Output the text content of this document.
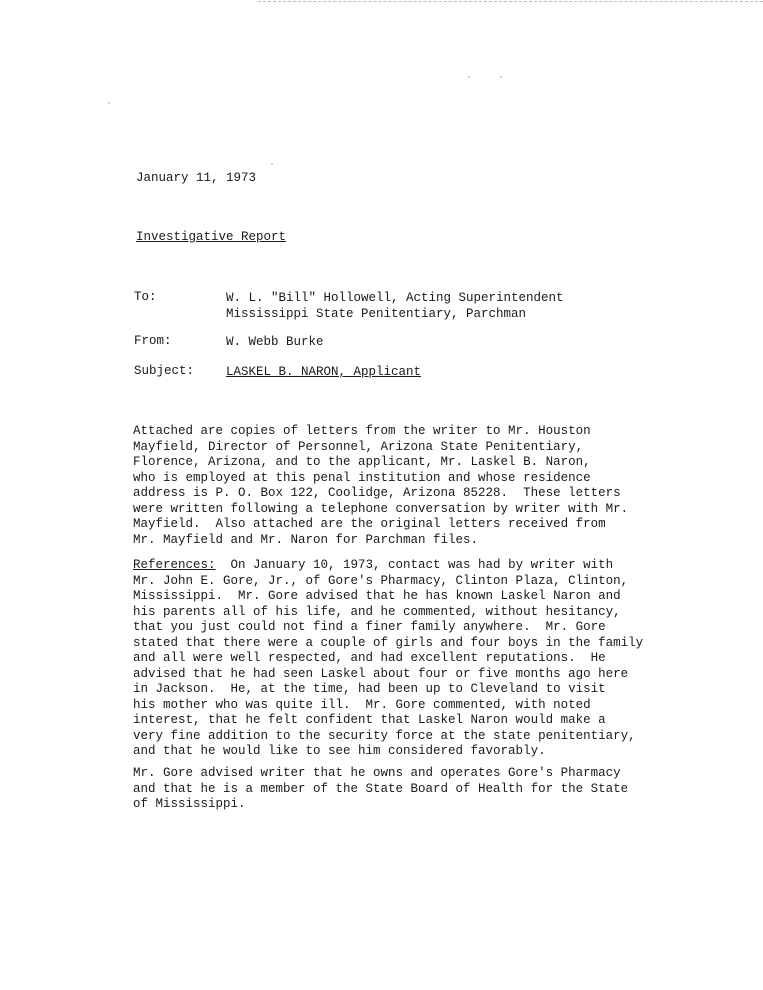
January 11, 1973
Investigative Report
To:	W. L. "Bill" Hollowell, Acting Superintendent
Mississippi State Penitentiary, Parchman
From:	W. Webb Burke
Subject:	LASKEL B. NARON, Applicant
Attached are copies of letters from the writer to Mr. Houston
Mayfield, Director of Personnel, Arizona State Penitentiary,
Florence, Arizona, and to the applicant, Mr. Laskel B. Naron,
who is employed at this penal institution and whose residence
address is P. O. Box 122, Coolidge, Arizona 85228.  These letters
were written following a telephone conversation by writer with Mr.
Mayfield.  Also attached are the original letters received from
Mr. Mayfield and Mr. Naron for Parchman files.
References:  On January 10, 1973, contact was had by writer with
Mr. John E. Gore, Jr., of Gore's Pharmacy, Clinton Plaza, Clinton,
Mississippi.  Mr. Gore advised that he has known Laskel Naron and
his parents all of his life, and he commented, without hesitancy,
that you just could not find a finer family anywhere.  Mr. Gore
stated that there were a couple of girls and four boys in the family
and all were well respected, and had excellent reputations.  He
advised that he had seen Laskel about four or five months ago here
in Jackson.  He, at the time, had been up to Cleveland to visit
his mother who was quite ill.  Mr. Gore commented, with noted
interest, that he felt confident that Laskel Naron would make a
very fine addition to the security force at the state penitentiary,
and that he would like to see him considered favorably.
Mr. Gore advised writer that he owns and operates Gore's Pharmacy
and that he is a member of the State Board of Health for the State
of Mississippi.
